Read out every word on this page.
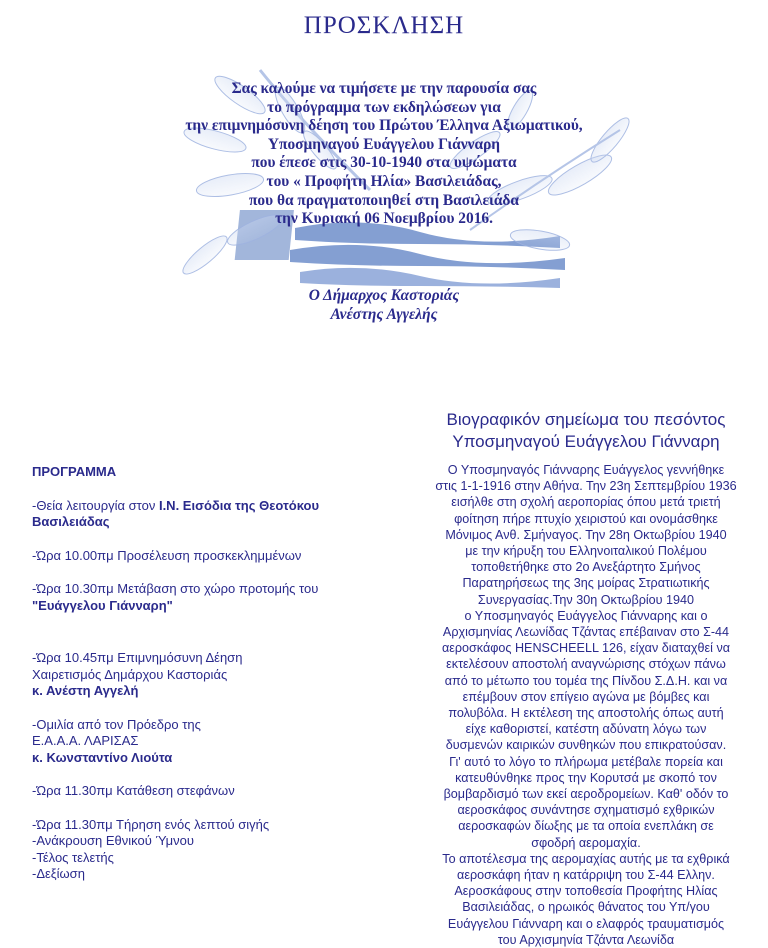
ΠΡΟΣΚΛΗΣΗ
Σας καλούμε να τιμήσετε με την παρουσία σας
το πρόγραμμα των εκδηλώσεων για
την επιμνημόσυνη δέηση του Πρώτου Έλληνα Αξιωματικού,
Υποσμηναγού Ευάγγελου Γιάνναρη
που έπεσε στις 30-10-1940 στα υψώματα
του « Προφήτη Ηλία» Βασιλειάδας,
που θα πραγματοποιηθεί στη Βασιλειάδα
την Κυριακή 06 Νοεμβρίου 2016.
Ο Δήμαρχος Καστοριάς
Ανέστης Αγγελής
ΠΡΟΓΡΑΜΜΑ
-Θεία λειτουργία στον Ι.Ν. Εισόδια της Θεοτόκου
Βασιλειάδας
-Ώρα 10.00πμ Προσέλευση προσκεκλημμένων
-Ώρα 10.30πμ Μετάβαση στο χώρο προτομής του
"Ευάγγελου Γιάνναρη"
-Ώρα 10.45πμ Επιμνημόσυνη Δέηση
Χαιρετισμός Δημάρχου Καστοριάς
κ. Ανέστη Αγγελή
-Ομιλία από τον Πρόεδρο της
Ε.Α.Α.Α. ΛΑΡΙΣΑΣ
κ. Κωνσταντίνο Λιούτα
-Ώρα 11.30πμ Κατάθεση στεφάνων
-Ώρα 11.30πμ Τήρηση ενός λεπτού σιγής
-Ανάκρουση Εθνικού Ύμνου
-Τέλος τελετής
-Δεξίωση
Βιογραφικόν σημείωμα του πεσόντος
Υποσμηναγού Ευάγγελου Γιάνναρη
Ο Υποσμηναγός Γιάνναρης Ευάγγελος γεννήθηκε
στις 1-1-1916 στην Αθήνα. Την 23η Σεπτεμβρίου 1936
εισήλθε στη σχολή αεροπορίας όπου μετά τριετή
φοίτηση πήρε πτυχίο χειριστού και ονομάσθηκε
Μόνιμος Ανθ. Σμήναγος. Την 28η Οκτωβρίου 1940
με την κήρυξη του Ελληνοιταλικού Πολέμου
τοποθετήθηκε στο 2ο Ανεξάρτητο Σμήνος
Παρατηρήσεως της 3ης μοίρας Στρατιωτικής
Συνεργασίας.Την 30η Οκτωβρίου 1940
ο Υποσμηναγός Ευάγγελος Γιάνναρης και ο
Αρχισμηνίας Λεωνίδας Τζάντας επέβαιναν στο Σ-44
αεροσκάφος HENSCHEELL 126, είχαν διαταχθεί να
εκτελέσουν αποστολή αναγνώρισης στόχων πάνω
από το μέτωπο του τομέα της Πίνδου Σ.Δ.Η. και να
επέμβουν στον επίγειο αγώνα με βόμβες και
πολυβόλα. Η εκτέλεση της αποστολής όπως αυτή
είχε καθοριστεί, κατέστη αδύνατη λόγω των
δυσμενών καιρικών συνθηκών που επικρατούσαν.
Γι' αυτό το λόγο το πλήρωμα μετέβαλε πορεία και
κατευθύνθηκε προς την Κορυτσά με σκοπό τον
βομβαρδισμό των εκεί αεροδρομείων. Καθ' οδόν το
αεροσκάφος συνάντησε σχηματισμό εχθρικών
αεροσκαφών δίωξης με τα οποία ενεπλάκη σε
σφοδρή αερομαχία.
Το αποτέλεσμα της αερομαχίας αυτής με τα εχθρικά
αεροσκάφη ήταν η κατάρριψη του Σ-44 Ελλην.
Αεροσκάφους στην τοποθεσία Προφήτης Ηλίας
Βασιλειάδας, ο ηρωικός θάνατος του Υπ/γου
Ευάγγελου Γιάνναρη και ο ελαφρός τραυματισμός
του Αρχισμηνία Τζάντα Λεωνίδα
